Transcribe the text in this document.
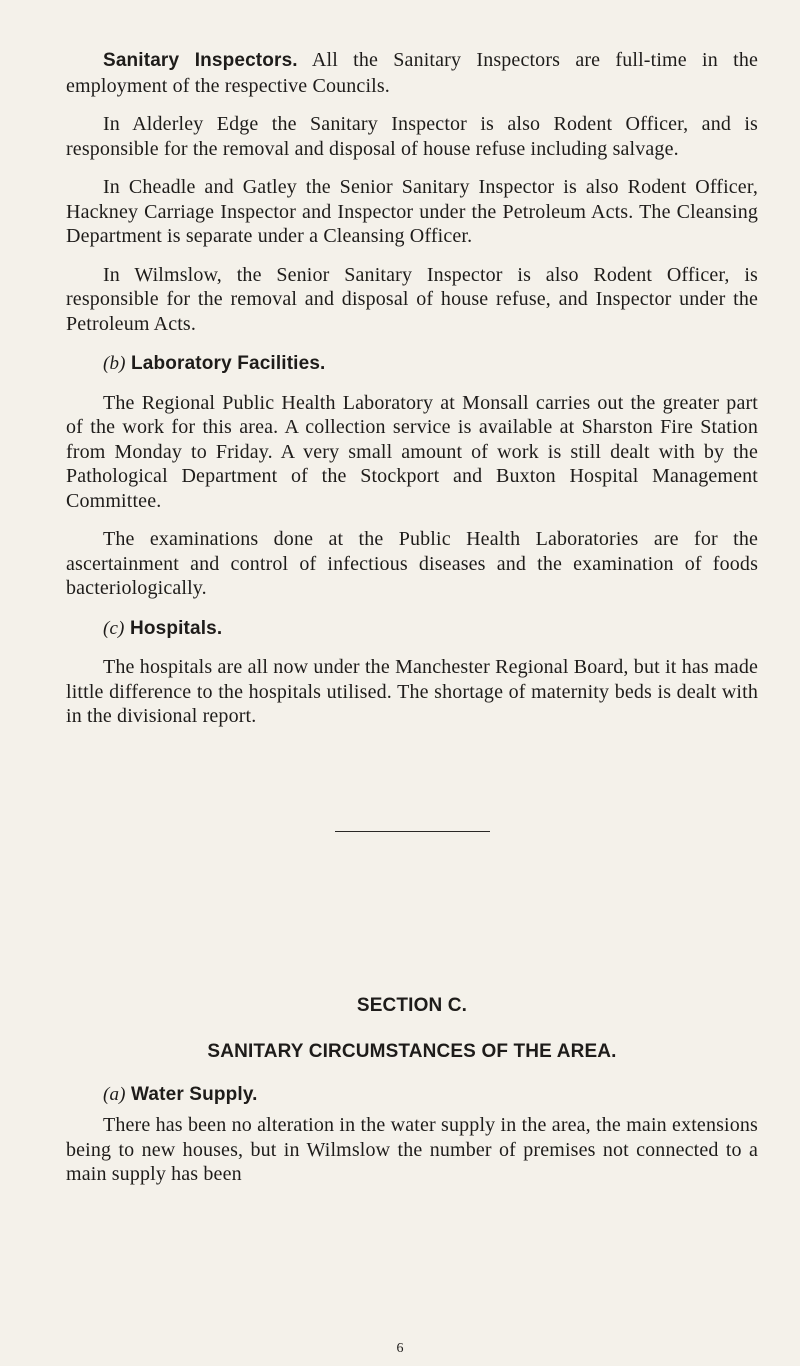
Sanitary Inspectors. All the Sanitary Inspectors are full-time in the employment of the respective Councils.

In Alderley Edge the Sanitary Inspector is also Rodent Officer, and is responsible for the removal and disposal of house refuse including salvage.

In Cheadle and Gatley the Senior Sanitary Inspector is also Rodent Officer, Hackney Carriage Inspector and Inspector under the Petroleum Acts. The Cleansing Department is separate under a Cleansing Officer.

In Wilmslow, the Senior Sanitary Inspector is also Rodent Officer, is responsible for the removal and disposal of house refuse, and Inspector under the Petroleum Acts.

(b) Laboratory Facilities.

The Regional Public Health Laboratory at Monsall carries out the greater part of the work for this area. A collection service is available at Sharston Fire Station from Monday to Friday. A very small amount of work is still dealt with by the Pathological Department of the Stockport and Buxton Hospital Management Committee.

The examinations done at the Public Health Laboratories are for the ascertainment and control of infectious diseases and the examination of foods bacteriologically.

(c) Hospitals.

The hospitals are all now under the Manchester Regional Board, but it has made little difference to the hospitals utilised. The shortage of maternity beds is dealt with in the divisional report.

SECTION C.
SANITARY CIRCUMSTANCES OF THE AREA.
(a) Water Supply.

There has been no alteration in the water supply in the area, the main extensions being to new houses, but in Wilmslow the number of premises not connected to a main supply has been

6
